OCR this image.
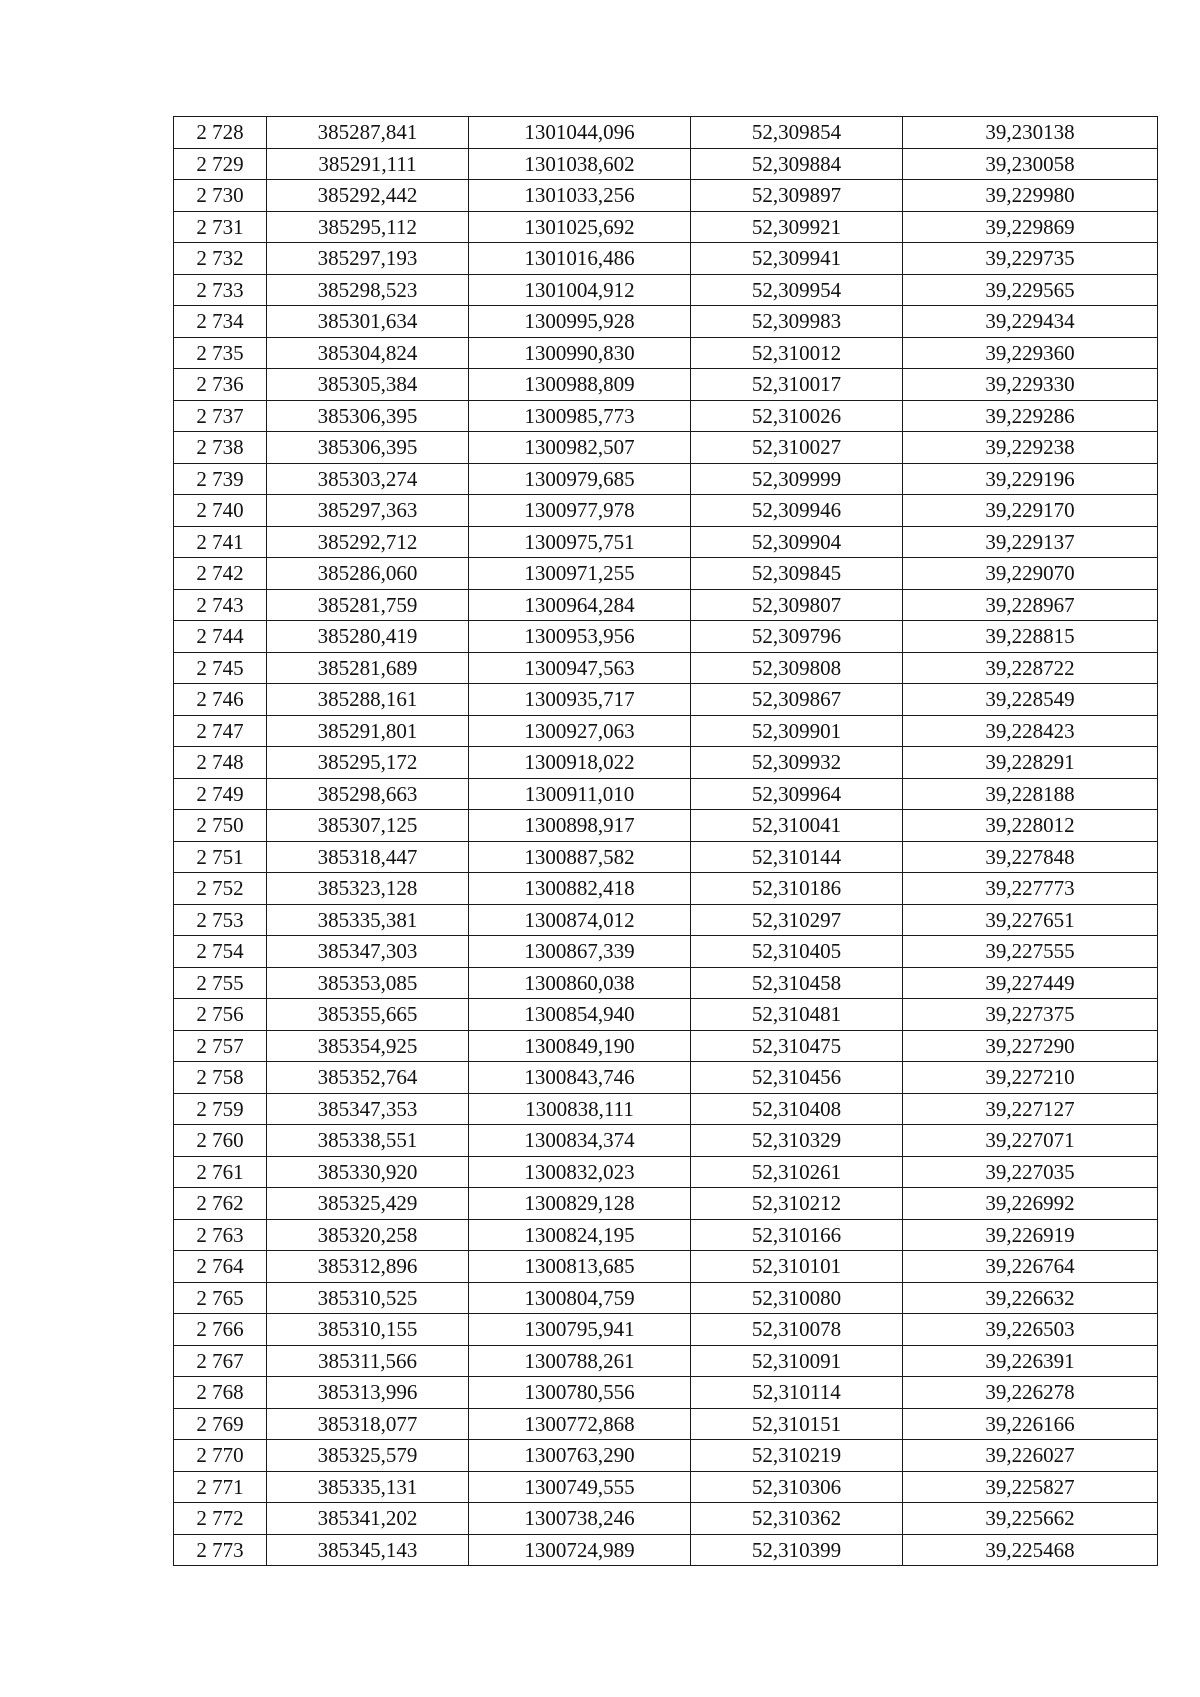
2 728	385287,841	1301044,096	52,309854	39,230138
2 729	385291,111	1301038,602	52,309884	39,230058
2 730	385292,442	1301033,256	52,309897	39,229980
2 731	385295,112	1301025,692	52,309921	39,229869
2 732	385297,193	1301016,486	52,309941	39,229735
2 733	385298,523	1301004,912	52,309954	39,229565
2 734	385301,634	1300995,928	52,309983	39,229434
2 735	385304,824	1300990,830	52,310012	39,229360
2 736	385305,384	1300988,809	52,310017	39,229330
2 737	385306,395	1300985,773	52,310026	39,229286
2 738	385306,395	1300982,507	52,310027	39,229238
2 739	385303,274	1300979,685	52,309999	39,229196
2 740	385297,363	1300977,978	52,309946	39,229170
2 741	385292,712	1300975,751	52,309904	39,229137
2 742	385286,060	1300971,255	52,309845	39,229070
2 743	385281,759	1300964,284	52,309807	39,228967
2 744	385280,419	1300953,956	52,309796	39,228815
2 745	385281,689	1300947,563	52,309808	39,228722
2 746	385288,161	1300935,717	52,309867	39,228549
2 747	385291,801	1300927,063	52,309901	39,228423
2 748	385295,172	1300918,022	52,309932	39,228291
2 749	385298,663	1300911,010	52,309964	39,228188
2 750	385307,125	1300898,917	52,310041	39,228012
2 751	385318,447	1300887,582	52,310144	39,227848
2 752	385323,128	1300882,418	52,310186	39,227773
2 753	385335,381	1300874,012	52,310297	39,227651
2 754	385347,303	1300867,339	52,310405	39,227555
2 755	385353,085	1300860,038	52,310458	39,227449
2 756	385355,665	1300854,940	52,310481	39,227375
2 757	385354,925	1300849,190	52,310475	39,227290
2 758	385352,764	1300843,746	52,310456	39,227210
2 759	385347,353	1300838,111	52,310408	39,227127
2 760	385338,551	1300834,374	52,310329	39,227071
2 761	385330,920	1300832,023	52,310261	39,227035
2 762	385325,429	1300829,128	52,310212	39,226992
2 763	385320,258	1300824,195	52,310166	39,226919
2 764	385312,896	1300813,685	52,310101	39,226764
2 765	385310,525	1300804,759	52,310080	39,226632
2 766	385310,155	1300795,941	52,310078	39,226503
2 767	385311,566	1300788,261	52,310091	39,226391
2 768	385313,996	1300780,556	52,310114	39,226278
2 769	385318,077	1300772,868	52,310151	39,226166
2 770	385325,579	1300763,290	52,310219	39,226027
2 771	385335,131	1300749,555	52,310306	39,225827
2 772	385341,202	1300738,246	52,310362	39,225662
2 773	385345,143	1300724,989	52,310399	39,225468
